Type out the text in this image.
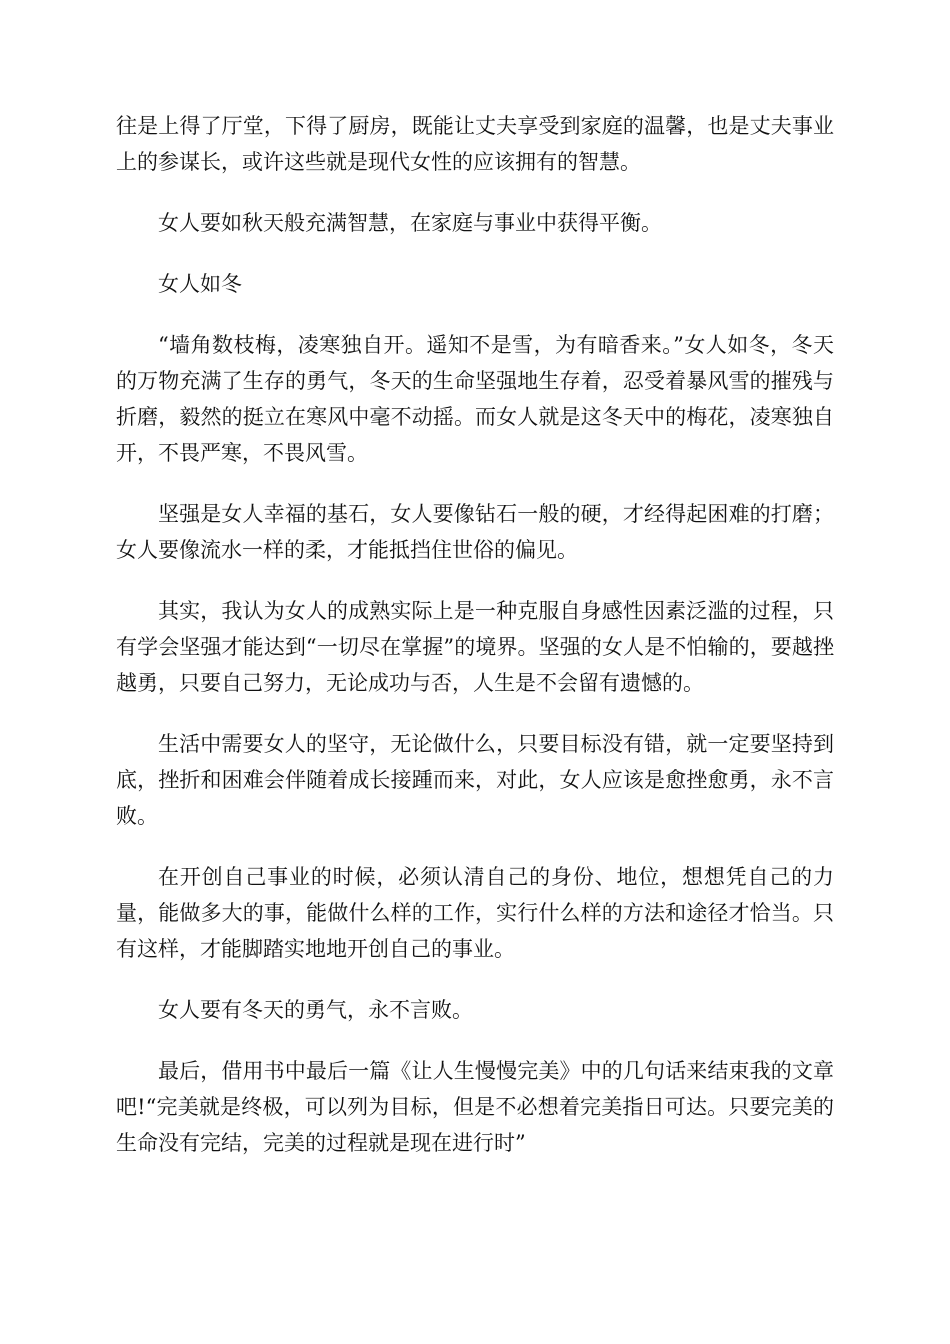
往是上得了厅堂，下得了厨房，既能让丈夫享受到家庭的温馨，也是丈夫事业上的参谋长，或许这些就是现代女性的应该拥有的智慧。

女人要如秋天般充满智慧，在家庭与事业中获得平衡。

女人如冬

“墙角数枝梅，凌寒独自开。遥知不是雪，为有暗香来。”女人如冬，冬天的万物充满了生存的勇气，冬天的生命坚强地生存着，忍受着暴风雪的摧残与折磨，毅然的挺立在寒风中毫不动摇。而女人就是这冬天中的梅花，凌寒独自开，不畏严寒，不畏风雪。

坚强是女人幸福的基石，女人要像钻石一般的硬，才经得起困难的打磨；女人要像流水一样的柔，才能抵挡住世俗的偏见。

其实，我认为女人的成熟实际上是一种克服自身感性因素泛滥的过程，只有学会坚强才能达到“一切尽在掌握”的境界。坚强的女人是不怕输的，要越挫越勇，只要自己努力，无论成功与否，人生是不会留有遗憾的。

生活中需要女人的坚守，无论做什么，只要目标没有错，就一定要坚持到底，挫折和困难会伴随着成长接踵而来，对此，女人应该是愈挫愈勇，永不言败。

在开创自己事业的时候，必须认清自己的身份、地位，想想凭自己的力量，能做多大的事，能做什么样的工作，实行什么样的方法和途径才恰当。只有这样，才能脚踏实地地开创自己的事业。

女人要有冬天的勇气，永不言败。

最后，借用书中最后一篇《让人生慢慢完美》中的几句话来结束我的文章吧!“完美就是终极，可以列为目标，但是不必想着完美指日可达。只要完美的生命没有完结，完美的过程就是现在进行时”
